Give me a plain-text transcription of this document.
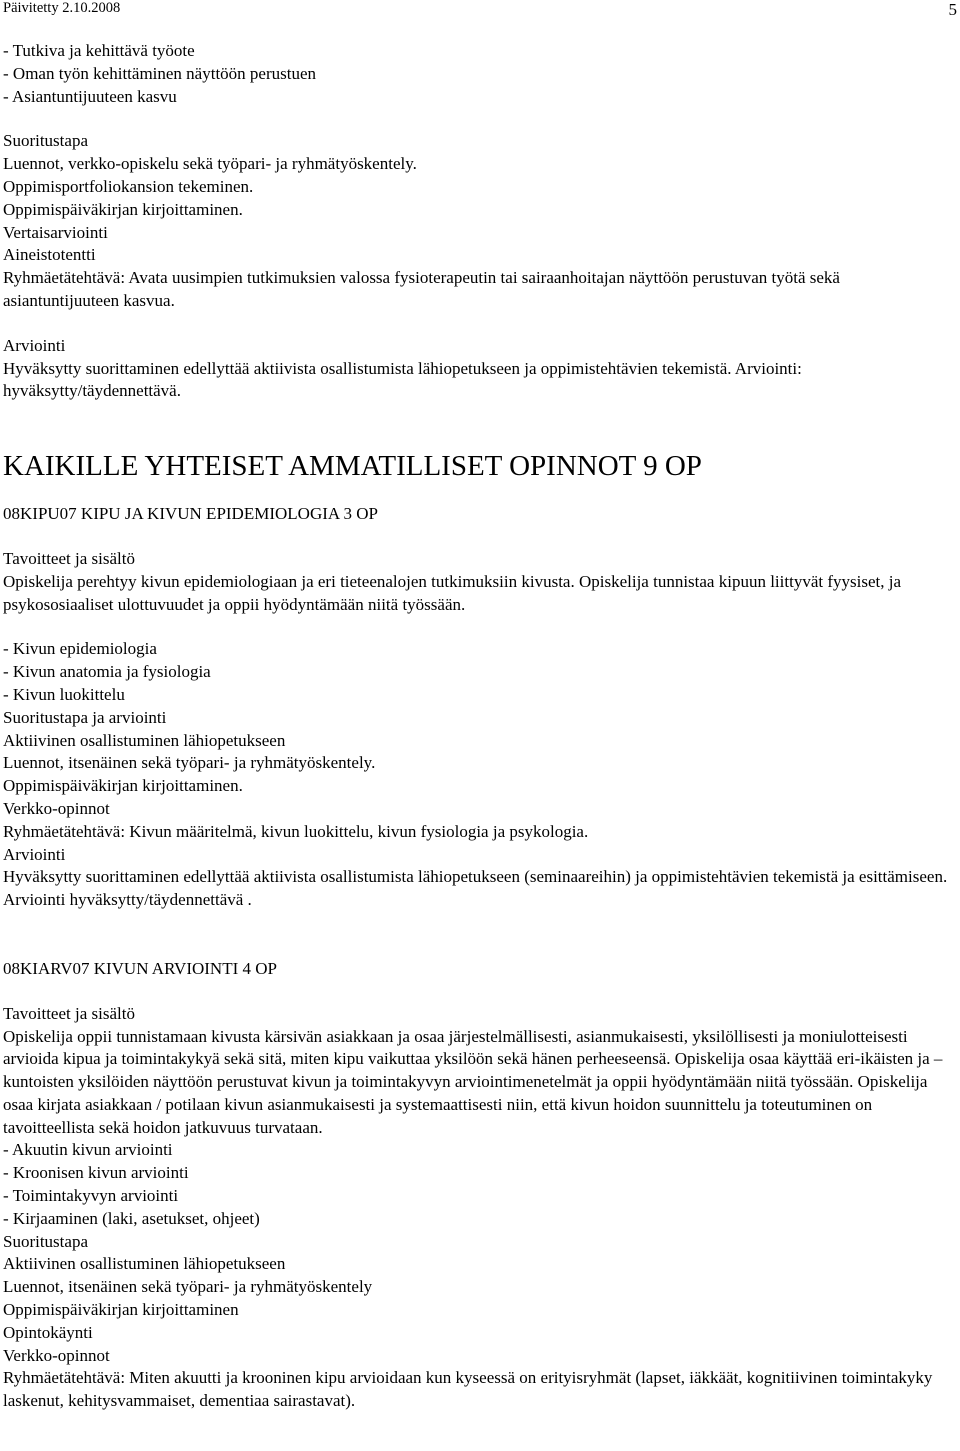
Päivitetty 2.10.2008	5

- Tutkiva ja kehittävä työote

- Oman työn kehittäminen näyttöön perustuen

- Asiantuntijuuteen kasvu

Suoritustapa

Luennot, verkko-opiskelu sekä työpari- ja ryhmätyöskentely.

Oppimisportfoliokansion tekeminen.

Oppimispäiväkirjan kirjoittaminen.

Vertaisarviointi

Aineistotentti

Ryhmäetätehtävä: Avata uusimpien tutkimuksien valossa fysioterapeutin tai sairaanhoitajan näyttöön perustuvan työtä sekä asiantuntijuuteen kasvua.

Arviointi

Hyväksytty suorittaminen edellyttää aktiivista osallistumista lähiopetukseen ja oppimistehtävien tekemistä. Arviointi: hyväksytty/täydennettävä.

KAIKILLE YHTEISET AMMATILLISET OPINNOT 9 OP
08KIPU07 KIPU JA KIVUN EPIDEMIOLOGIA 3 OP

Tavoitteet ja sisältö

Opiskelija perehtyy kivun epidemiologiaan ja eri tieteenalojen tutkimuksiin kivusta. Opiskelija tunnistaa kipuun liittyvät fyysiset, ja psykososiaaliset ulottuvuudet ja oppii hyödyntämään niitä työssään.

- Kivun epidemiologia

- Kivun anatomia ja fysiologia

- Kivun luokittelu

Suoritustapa ja arviointi

Aktiivinen osallistuminen lähiopetukseen

Luennot, itsenäinen sekä työpari- ja ryhmätyöskentely.

Oppimispäiväkirjan kirjoittaminen.

Verkko-opinnot

Ryhmäetätehtävä: Kivun määritelmä, kivun luokittelu, kivun fysiologia ja psykologia.

Arviointi

Hyväksytty suorittaminen edellyttää aktiivista osallistumista lähiopetukseen (seminaareihin) ja oppimistehtävien tekemistä ja esittämiseen. Arviointi hyväksytty/täydennettävä .

08KIARV07 KIVUN ARVIOINTI 4 OP

Tavoitteet ja sisältö

Opiskelija oppii tunnistamaan kivusta kärsivän asiakkaan ja osaa järjestelmällisesti, asianmukaisesti, yksilöllisesti ja moniulotteisesti arvioida kipua ja toimintakykyä sekä sitä, miten kipu vaikuttaa yksilöön sekä hänen perheeseensä. Opiskelija osaa käyttää eri-ikäisten ja –kuntoisten yksilöiden näyttöön perustuvat kivun ja toimintakyvyn arviointimenetelmät ja oppii hyödyntämään niitä työssään. Opiskelija osaa kirjata asiakkaan / potilaan kivun asianmukaisesti ja systemaattisesti niin, että kivun hoidon suunnittelu ja toteutuminen on tavoitteellista sekä hoidon jatkuvuus turvataan.

- Akuutin kivun arviointi

- Kroonisen kivun arviointi

- Toimintakyvyn arviointi

- Kirjaaminen (laki, asetukset, ohjeet)

Suoritustapa

Aktiivinen osallistuminen lähiopetukseen

Luennot, itsenäinen sekä työpari- ja ryhmätyöskentely

Oppimispäiväkirjan kirjoittaminen

Opintokäynti

Verkko-opinnot

Ryhmäetätehtävä: Miten akuutti ja krooninen kipu arvioidaan kun kyseessä on erityisryhmät (lapset, iäkkäät, kognitiivinen toimintakyky laskenut, kehitysvammaiset, dementiaa sairastavat).
